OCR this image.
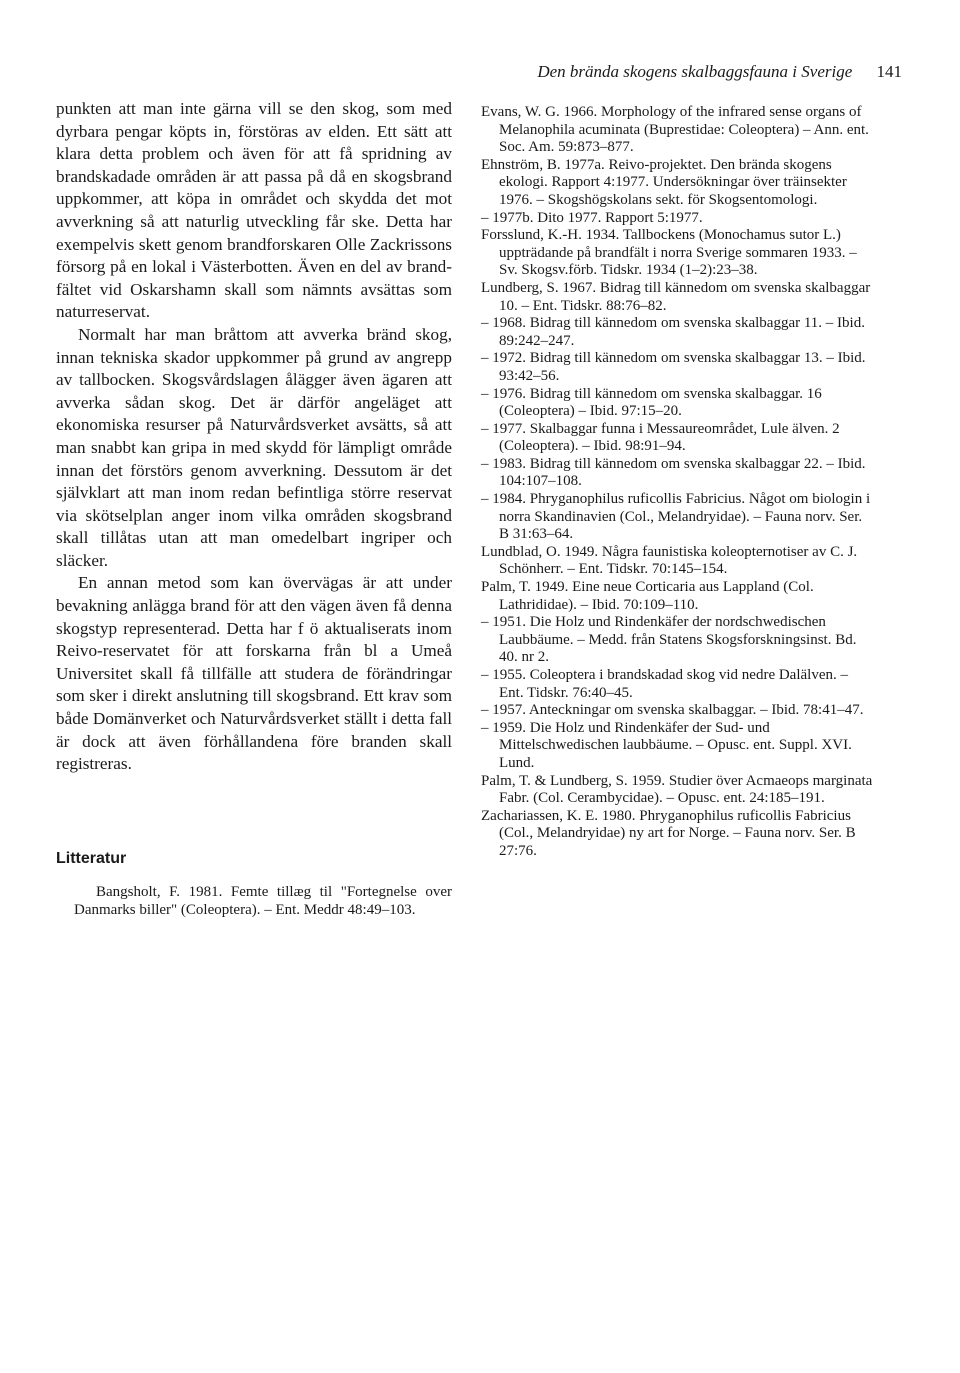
Den brända skogens skalbaggsfauna i Sverige 141

punkten att man inte gärna vill se den skog, som med dyrbara pengar köpts in, förstöras av elden. Ett sätt att klara detta problem och även för att få spridning av brandskadade områden är att passa på då en skogsbrand uppkommer, att köpa in området och skydda det mot avverkning så att naturlig utveckling får ske. Detta har exempelvis skett genom brandforskaren Olle Zackrissons försorg på en lokal i Västerbotten. Även en del av brandfältet vid Oskarshamn skall som nämnts avsättas som naturreservat.

Normalt har man bråttom att avverka bränd skog, innan tekniska skador uppkommer på grund av angrepp av tallbocken. Skogsvårdslagen ålägger även ägaren att avverka sådan skog. Det är därför angeläget att ekonomiska resurser på Naturvårdsverket avsätts, så att man snabbt kan gripa in med skydd för lämpligt område innan det förstörs genom avverkning. Dessutom är det självklart att man inom redan befintliga större reservat via skötselplan anger inom vilka områden skogsbrand skall tillåtas utan att man omedelbart ingriper och släcker.

En annan metod som kan övervägas är att under bevakning anlägga brand för att den vägen även få denna skogstyp representerad. Detta har f ö aktualiserats inom Reivo-reservatet för att forskarna från bl a Umeå Universitet skall få tillfälle att studera de förändringar som sker i direkt anslutning till skogsbrand. Ett krav som både Domänverket och Naturvårdsverket ställt i detta fall är dock att även förhållandena före branden skall registreras.

Litteratur

Bangsholt, F. 1981. Femte tillæg til "Fortegnelse over Danmarks biller" (Coleoptera). – Ent. Meddr 48:49–103.

Evans, W. G. 1966. Morphology of the infrared sense organs of Melanophila acuminata (Buprestidae: Coleoptera) – Ann. ent. Soc. Am. 59:873–877.

Ehnström, B. 1977a. Reivo-projektet. Den brända skogens ekologi. Rapport 4:1977. Undersökningar över träinsekter 1976. – Skogshögskolans sekt. för Skogsentomologi.

– 1977b. Dito 1977. Rapport 5:1977.

Forsslund, K.-H. 1934. Tallbockens (Monochamus sutor L.) uppträdande på brandfält i norra Sverige sommaren 1933. – Sv. Skogsv.förb. Tidskr. 1934 (1–2):23–38.

Lundberg, S. 1967. Bidrag till kännedom om svenska skalbaggar 10. – Ent. Tidskr. 88:76–82.

– 1968. Bidrag till kännedom om svenska skalbaggar 11. – Ibid. 89:242–247.

– 1972. Bidrag till kännedom om svenska skalbaggar 13. – Ibid. 93:42–56.

– 1976. Bidrag till kännedom om svenska skalbaggar. 16 (Coleoptera) – Ibid. 97:15–20.

– 1977. Skalbaggar funna i Messaureområdet, Lule älven. 2 (Coleoptera). – Ibid. 98:91–94.

– 1983. Bidrag till kännedom om svenska skalbaggar 22. – Ibid. 104:107–108.

– 1984. Phryganophilus ruficollis Fabricius. Något om biologin i norra Skandinavien (Col., Melandryidae). – Fauna norv. Ser. B 31:63–64.

Lundblad, O. 1949. Några faunistiska koleopternotiser av C. J. Schönherr. – Ent. Tidskr. 70:145–154.

Palm, T. 1949. Eine neue Corticaria aus Lappland (Col. Lathrididae). – Ibid. 70:109–110.

– 1951. Die Holz und Rindenkäfer der nordschwedischen Laubbäume. – Medd. från Statens Skogsforskningsinst. Bd. 40. nr 2.

– 1955. Coleoptera i brandskadad skog vid nedre Dalälven. – Ent. Tidskr. 76:40–45.

– 1957. Anteckningar om svenska skalbaggar. – Ibid. 78:41–47.

– 1959. Die Holz und Rindenkäfer der Sud- und Mittelschwedischen laubbäume. – Opusc. ent. Suppl. XVI. Lund.

Palm, T. & Lundberg, S. 1959. Studier över Acmaeops marginata Fabr. (Col. Cerambycidae). – Opusc. ent. 24:185–191.

Zachariassen, K. E. 1980. Phryganophilus ruficollis Fabricius (Col., Melandryidae) ny art for Norge. – Fauna norv. Ser. B 27:76.
